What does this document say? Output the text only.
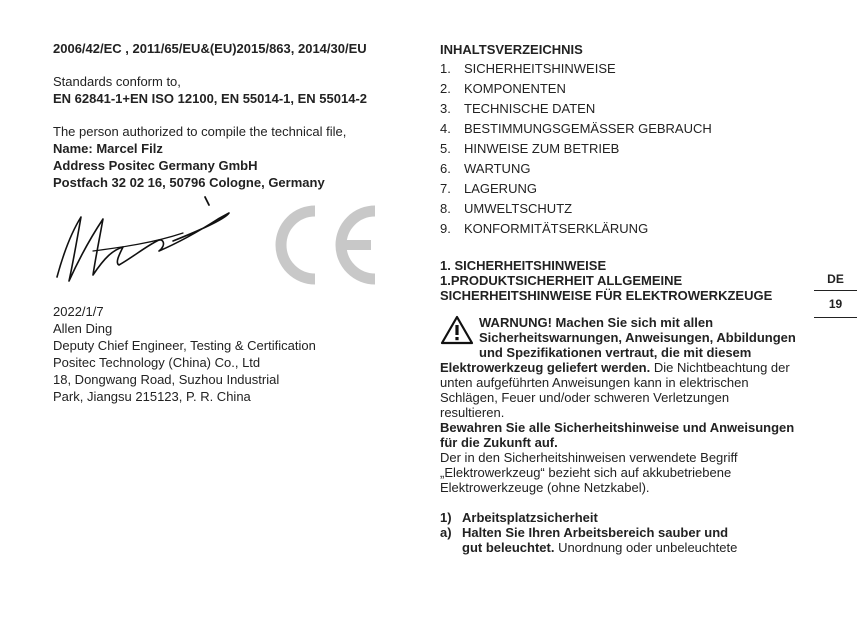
2006/42/EC , 2011/65/EU&(EU)2015/863, 2014/30/EU

Standards conform to,

EN 62841-1+EN ISO 12100, EN 55014-1, EN 55014-2

The person authorized to compile the technical file,

Name: Marcel Filz

Address Positec Germany GmbH

Postfach 32 02 16, 50796 Cologne, Germany

2022/1/7

Allen Ding

Deputy Chief Engineer, Testing & Certification

Positec Technology (China) Co., Ltd

18, Dongwang Road, Suzhou Industrial

Park, Jiangsu 215123, P. R. China

INHALTSVERZEICHNIS
1.	SICHERHEITSHINWEISE
2.	KOMPONENTEN
3.	TECHNISCHE DATEN
4.	BESTIMMUNGSGEMÄSSER GEBRAUCH
5.	HINWEISE ZUM BETRIEB
6.	WARTUNG
7.	LAGERUNG
8.	UMWELTSCHUTZ
9.	KONFORMITÄTSERKLÄRUNG
1. SICHERHEITSHINWEISE
1.PRODUKTSICHERHEIT ALLGEMEINE
SICHERHEITSHINWEISE FÜR ELEKTROWERKZEUGE
WARNUNG! Machen Sie sich mit allen
Sicherheitswarnungen, Anweisungen, Abbildungen
und Spezifikationen vertraut, die mit diesem
Elektrowerkzeug geliefert werden. Die Nichtbeachtung der
unten aufgeführten Anweisungen kann in elektrischen
Schlägen, Feuer und/oder schweren Verletzungen
resultieren.
Bewahren Sie alle Sicherheitshinweise und Anweisungen
für die Zukunft auf.
Der in den Sicherheitshinweisen verwendete Begriff
„Elektrowerkzeug“ bezieht sich auf akkubetriebene
Elektrowerkzeuge (ohne Netzkabel).
1) Arbeitsplatzsicherheit
a) Halten Sie Ihren Arbeitsbereich sauber und
gut beleuchtet. Unordnung oder unbeleuchtete
DE
19
